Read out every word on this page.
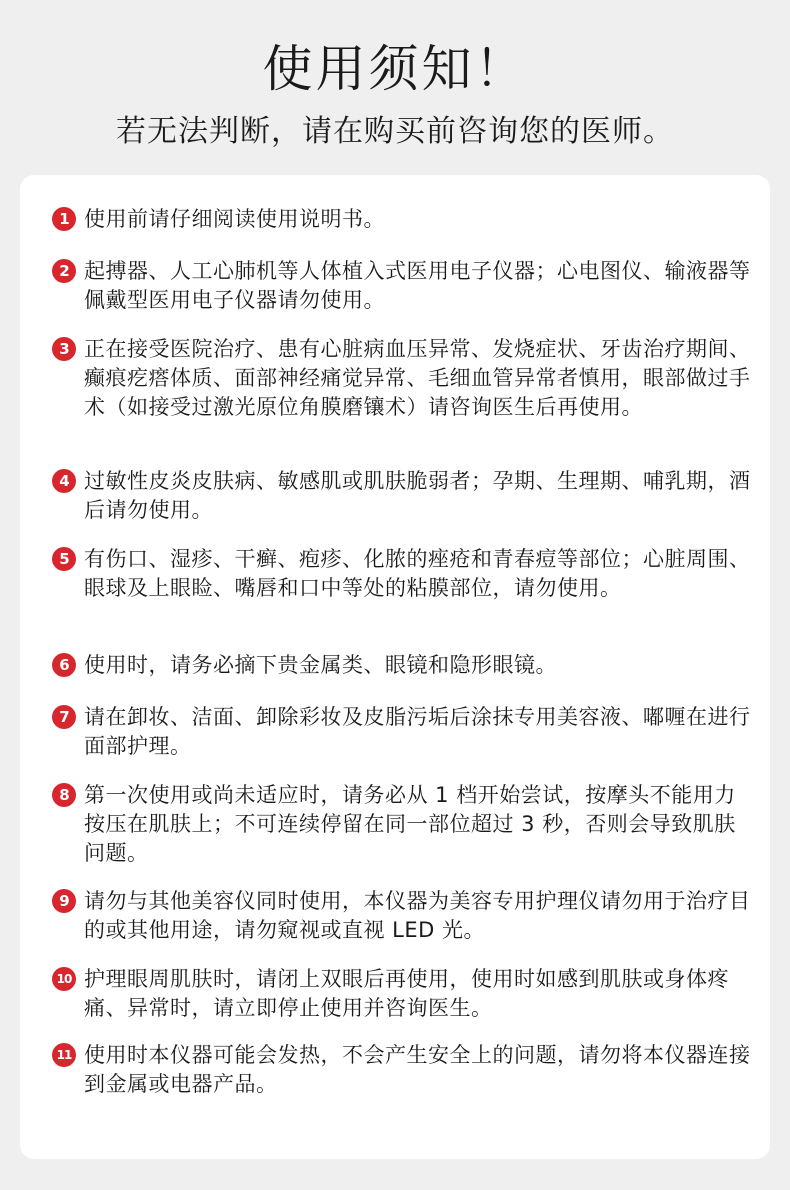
使用须知！
若无法判断，请在购买前咨询您的医师。
1 使用前请仔细阅读使用说明书。
2 起搏器、人工心肺机等人体植入式医用电子仪器；心电图仪、输液器等佩戴型医用电子仪器请勿使用。
3 正在接受医院治疗、患有心脏病血压异常、发烧症状、牙齿治疗期间、癫痕疙瘩体质、面部神经痛觉异常、毛细血管异常者慎用，眼部做过手术（如接受过激光原位角膜磨镶术）请咨询医生后再使用。
4 过敏性皮炎皮肤病、敏感肌或肌肤脆弱者；孕期、生理期、哺乳期，酒后请勿使用。
5 有伤口、湿疹、干癣、疱疹、化脓的痤疮和青春痘等部位；心脏周围、眼球及上眼睑、嘴唇和口中等处的粘膜部位，请勿使用。
6 使用时，请务必摘下贵金属类、眼镜和隐形眼镜。
7 请在卸妆、洁面、卸除彩妆及皮脂污垢后涂抹专用美容液、嘟喱在进行面部护理。
8 第一次使用或尚未适应时，请务必从 1 档开始尝试，按摩头不能用力按压在肌肤上；不可连续停留在同一部位超过 3 秒，否则会导致肌肤问题。
9 请勿与其他美容仪同时使用，本仪器为美容专用护理仪请勿用于治疗目的或其他用途，请勿窥视或直视 LED 光。
10 护理眼周肌肤时，请闭上双眼后再使用，使用时如感到肌肤或身体疼痛、异常时，请立即停止使用并咨询医生。
11 使用时本仪器可能会发热，不会产生安全上的问题，请勿将本仪器连接到金属或电器产品。
